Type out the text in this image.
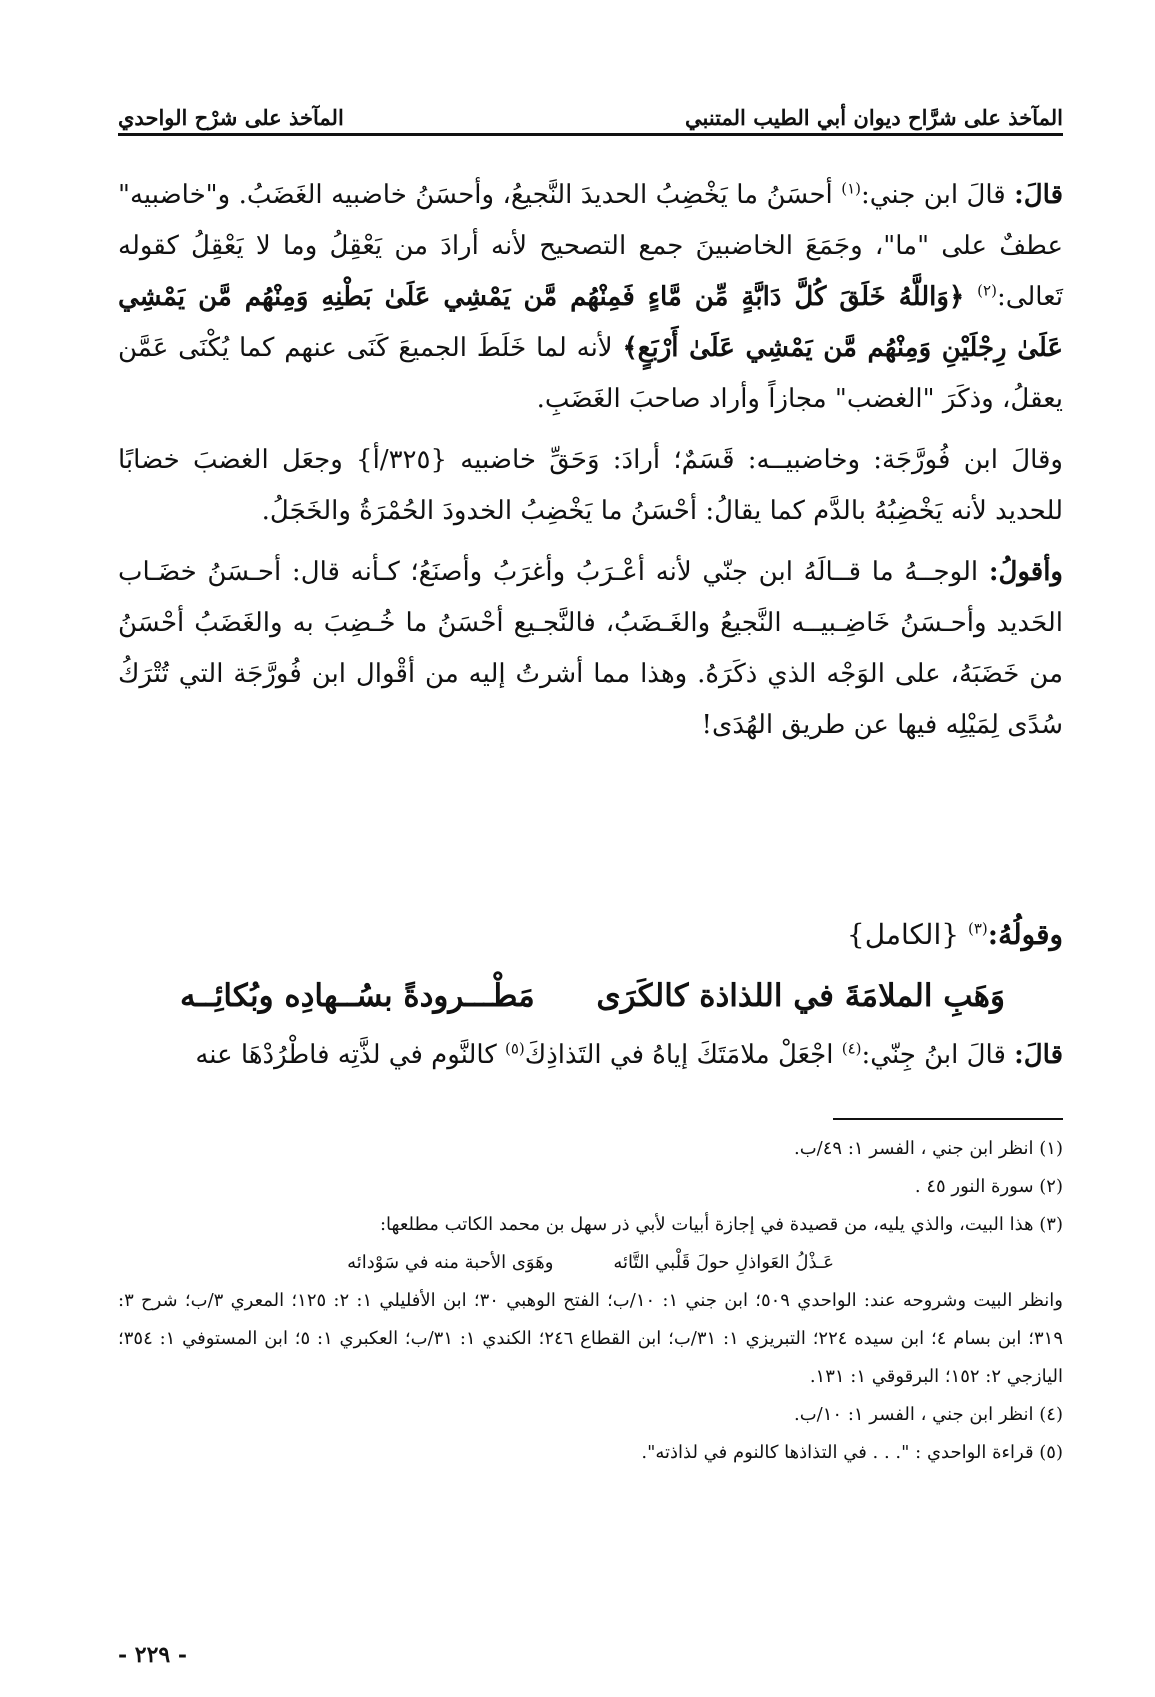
المآخذ على شرَّاح ديوان أبي الطيب المتنبي
المآخذ على شرْح الواحدي

قالَ: قالَ ابن جني:$^{(١)}$ أحسَنُ ما يَخْضِبُ الحديدَ النَّجيعُ، وأحسَنُ خاضبيه الغَضَبُ. و"خاضبيه" عطفٌ على "ما"، وجَمَعَ الخاضبينَ جمع التصحيح لأنه أرادَ من يَعْقِلُ وما لا يَعْقِلُ كقوله تَعالى:$^{(٢)}$ ﴿وَاللَّهُ خَلَقَ كُلَّ دَابَّةٍ مِّن مَّاءٍ فَمِنْهُم مَّن يَمْشِي عَلَىٰ بَطْنِهِ وَمِنْهُم مَّن يَمْشِي عَلَىٰ رِجْلَيْنِ وَمِنْهُم مَّن يَمْشِي عَلَىٰ أَرْبَعٍ﴾ لأنه لما خَلَطَ الجميعَ كَنَى عنهم كما يُكْنَى عَمَّن يعقلُ، وذكَرَ "الغضب" مجازاً وأراد صاحبَ الغَضَبِ.

وقالَ ابن فُورَّجَة: وخاضبيــه: قَسَمٌ؛ أرادَ: وَحَقِّ خاضبيه {٣٢٥/أ} وجعَل الغضبَ خضابًا للحديد لأنه يَخْضِبُهُ بالدَّم كما يقالُ: أحْسَنُ ما يَخْضِبُ الخدودَ الحُمْرَةُ والخَجَلُ.

وأقولُ: الوجــهُ ما قــالَهُ ابن جنّي لأنه أعْـرَبُ وأغرَبُ وأصنَعُ؛ كـأنه قال: أحـسَنُ خضَـاب الحَديد وأحـسَنُ خَاضِـبيــه النَّجيعُ والغَـضَبُ، فالنَّجـيع أحْسَنُ ما خُـضِبَ به والغَضَبُ أحْسَنُ من خَضَبَهُ، على الوَجْه الذي ذكَرَهُ. وهذا مما أشرتُ إليه من أقْوال ابن فُورَّجَة التي تُتْرَكُ سُدًى لِمَيْلِه فيها عن طريق الهُدَى!

وقولُهُ:$^{(٣)}$ {الكامل}
وَهَبِ الملامَةَ في اللذاذة كالكَرَى
مَطْـــرودةً بسُــهادِه وبُكائِــه
قالَ: قالَ ابنُ جِنّي:$^{(٤)}$ اجْعَلْ ملامَتَكَ إياهُ في التَذاذِكَ$^{(٥)}$ كالنَّوم في لذَّتِه فاطْرُدْهَا عنه

(١) انظر ابن جني ، الفسر ١: ٤٩/ب.

(٢) سورة النور ٤٥ .

(٣) هذا البيت، والذي يليه، من قصيدة في إجازة أبيات لأبي ذر سهل بن محمد الكاتب مطلعها:

عَـذْلُ العَواذلِ حولَ قَلْبي التَّائه
وهَوَى الأحبة منه في سَوْدائه

وانظر البيت وشروحه عند: الواحدي ٥٠٩؛ ابن جني ١: ١٠/ب؛ الفتح الوهبي ٣٠؛ ابن الأفليلي ١: ٢: ١٢٥؛ المعري ٣/ب؛ شرح ٣: ٣١٩؛ ابن بسام ٤؛ ابن سيده ٢٢٤؛ التبريزي ١: ٣١/ب؛ ابن القطاع ٢٤٦؛ الكندي ١: ٣١/ب؛ العكبري ١: ٥؛ ابن المستوفي ١: ٣٥٤؛ اليازجي ٢: ١٥٢؛ البرقوقي ١: ١٣١.

(٤) انظر ابن جني ، الفسر ١: ١٠/ب.

(٥) قراءة الواحدي : ". . . في التذاذها كالنوم في لذاذته".

- ٢٢٩ -
